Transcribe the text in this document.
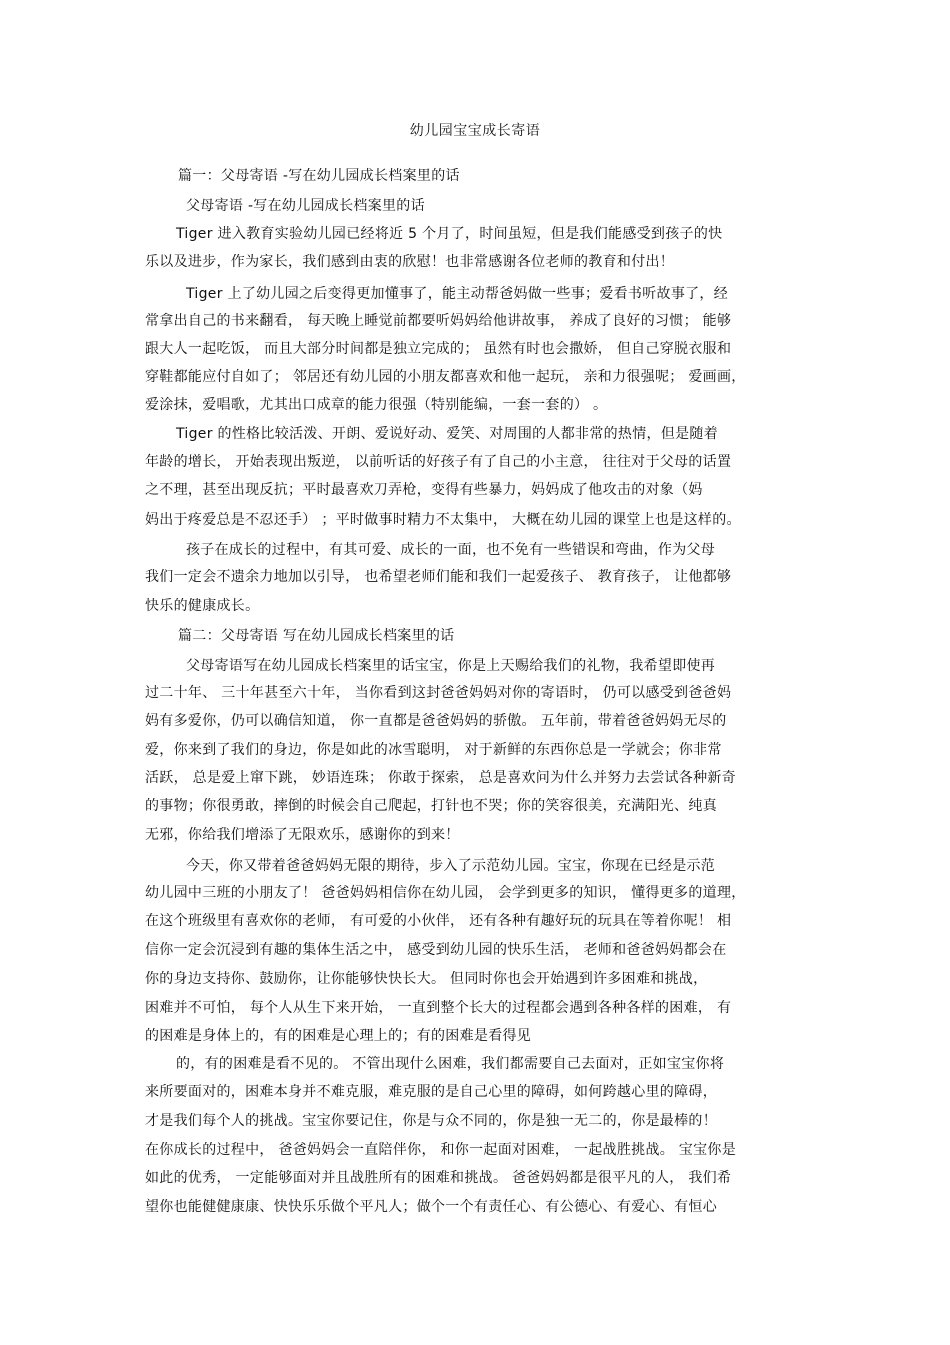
幼儿园宝宝成长寄语
篇一：父母寄语 -写在幼儿园成长档案里的话
父母寄语 -写在幼儿园成长档案里的话
Tiger 进入教育实验幼儿园已经将近 5 个月了，时间虽短，但是我们能感受到孩子的快
乐以及进步，作为家长，我们感到由衷的欣慰！也非常感谢各位老师的教育和付出！
Tiger 上了幼儿园之后变得更加懂事了，能主动帮爸妈做一些事；爱看书听故事了，经
常拿出自己的书来翻看， 每天晚上睡觉前都要听妈妈给他讲故事， 养成了良好的习惯； 能够
跟大人一起吃饭， 而且大部分时间都是独立完成的； 虽然有时也会撒娇， 但自己穿脱衣服和
穿鞋都能应付自如了； 邻居还有幼儿园的小朋友都喜欢和他一起玩， 亲和力很强呢； 爱画画，
爱涂抹，爱唱歌，尤其出口成章的能力很强（特别能编，一套一套的） 。
Tiger 的性格比较活泼、开朗、爱说好动、爱笑、对周围的人都非常的热情，但是随着
年龄的增长， 开始表现出叛逆， 以前听话的好孩子有了自己的小主意， 往往对于父母的话置
之不理，甚至出现反抗；平时最喜欢刀弄枪，变得有些暴力，妈妈成了他攻击的对象（妈
妈出于疼爱总是不忍还手） ；平时做事时精力不太集中， 大概在幼儿园的课堂上也是这样的。
孩子在成长的过程中，有其可爱、成长的一面，也不免有一些错误和弯曲，作为父母
我们一定会不遗余力地加以引导， 也希望老师们能和我们一起爱孩子、 教育孩子， 让他都够
快乐的健康成长。
篇二：父母寄语 写在幼儿园成长档案里的话
父母寄语写在幼儿园成长档案里的话宝宝，你是上天赐给我们的礼物，我希望即使再
过二十年、 三十年甚至六十年， 当你看到这封爸爸妈妈对你的寄语时， 仍可以感受到爸爸妈
妈有多爱你，仍可以确信知道， 你一直都是爸爸妈妈的骄傲。 五年前，带着爸爸妈妈无尽的
爱，你来到了我们的身边，你是如此的冰雪聪明， 对于新鲜的东西你总是一学就会；你非常
活跃， 总是爱上窜下跳， 妙语连珠； 你敢于探索， 总是喜欢问为什么并努力去尝试各种新奇
的事物；你很勇敢，摔倒的时候会自己爬起，打针也不哭；你的笑容很美，充满阳光、纯真
无邪，你给我们增添了无限欢乐，感谢你的到来！
今天，你又带着爸爸妈妈无限的期待，步入了示范幼儿园。宝宝，你现在已经是示范
幼儿园中三班的小朋友了！ 爸爸妈妈相信你在幼儿园， 会学到更多的知识， 懂得更多的道理，
在这个班级里有喜欢你的老师， 有可爱的小伙伴， 还有各种有趣好玩的玩具在等着你呢！ 相
信你一定会沉浸到有趣的集体生活之中， 感受到幼儿园的快乐生活， 老师和爸爸妈妈都会在
你的身边支持你、鼓励你，让你能够快快长大。 但同时你也会开始遇到许多困难和挑战，
困难并不可怕， 每个人从生下来开始， 一直到整个长大的过程都会遇到各种各样的困难， 有
的困难是身体上的，有的困难是心理上的；有的困难是看得见
的，有的困难是看不见的。 不管出现什么困难，我们都需要自己去面对，正如宝宝你将
来所要面对的，困难本身并不难克服，难克服的是自己心里的障碍，如何跨越心里的障碍，
才是我们每个人的挑战。宝宝你要记住，你是与众不同的，你是独一无二的，你是最棒的！
在你成长的过程中， 爸爸妈妈会一直陪伴你， 和你一起面对困难， 一起战胜挑战。 宝宝你是
如此的优秀， 一定能够面对并且战胜所有的困难和挑战。 爸爸妈妈都是很平凡的人， 我们希
望你也能健健康康、快快乐乐做个平凡人；做个一个有责任心、有公德心、有爱心、有恒心
